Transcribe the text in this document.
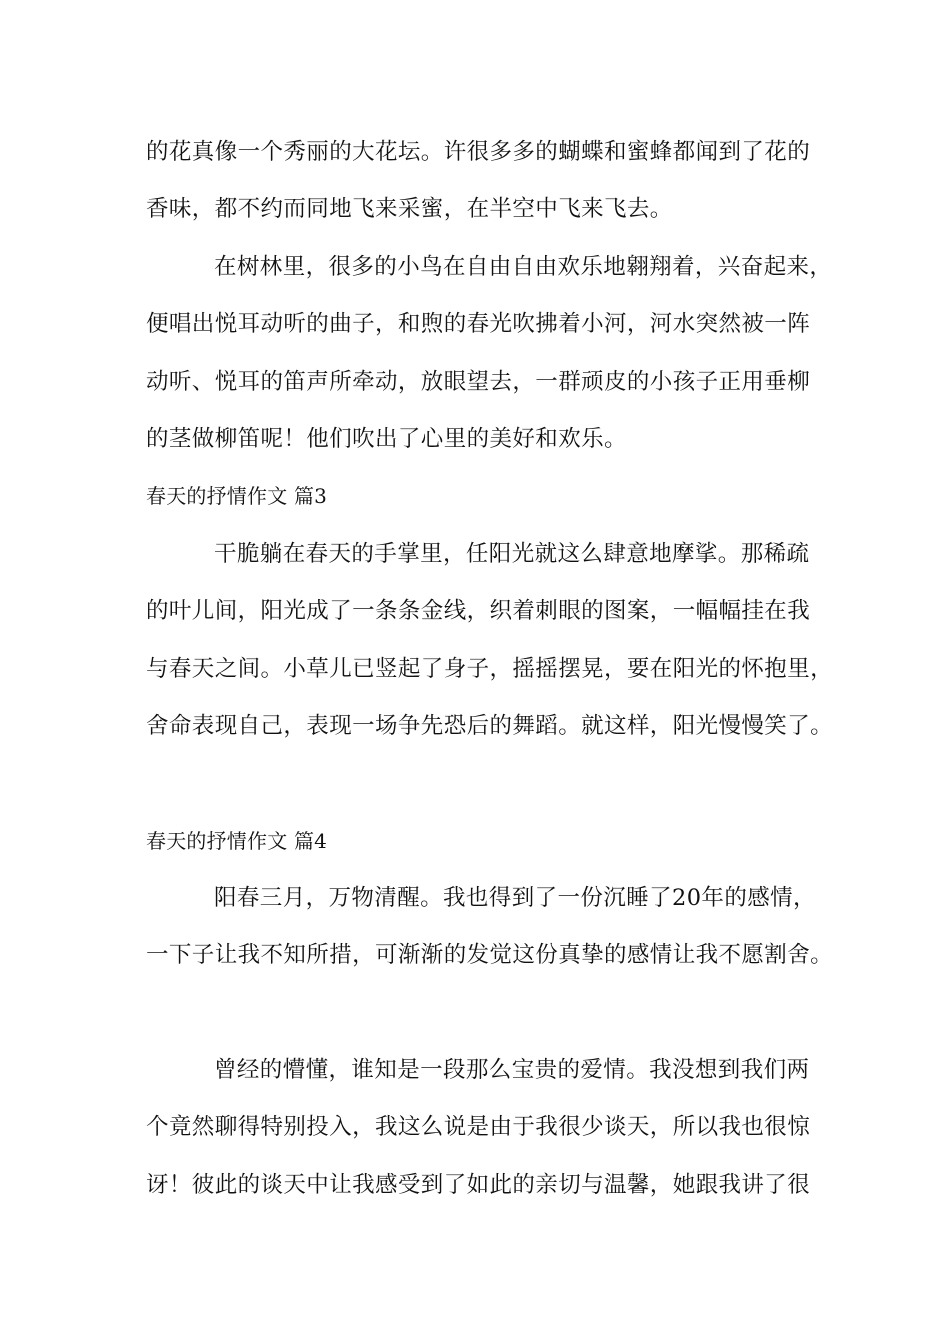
的花真像一个秀丽的大花坛。许很多多的蝴蝶和蜜蜂都闻到了花的
香味，都不约而同地飞来采蜜，在半空中飞来飞去。
在树林里，很多的小鸟在自由自由欢乐地翱翔着，兴奋起来，
便唱出悦耳动听的曲子，和煦的春光吹拂着小河，河水突然被一阵
动听、悦耳的笛声所牵动，放眼望去，一群顽皮的小孩子正用垂柳
的茎做柳笛呢！他们吹出了心里的美好和欢乐。
春天的抒情作文 篇3
干脆躺在春天的手掌里，任阳光就这么肆意地摩挲。那稀疏
的叶儿间，阳光成了一条条金线，织着刺眼的图案，一幅幅挂在我
与春天之间。小草儿已竖起了身子，摇摇摆晃，要在阳光的怀抱里，
舍命表现自己，表现一场争先恐后的舞蹈。就这样，阳光慢慢笑了。
春天的抒情作文 篇4
阳春三月，万物清醒。我也得到了一份沉睡了20年的感情，
一下子让我不知所措，可渐渐的发觉这份真挚的感情让我不愿割舍。
曾经的懵懂，谁知是一段那么宝贵的爱情。我没想到我们两
个竟然聊得特别投入，我这么说是由于我很少谈天，所以我也很惊
讶！彼此的谈天中让我感受到了如此的亲切与温馨，她跟我讲了很
